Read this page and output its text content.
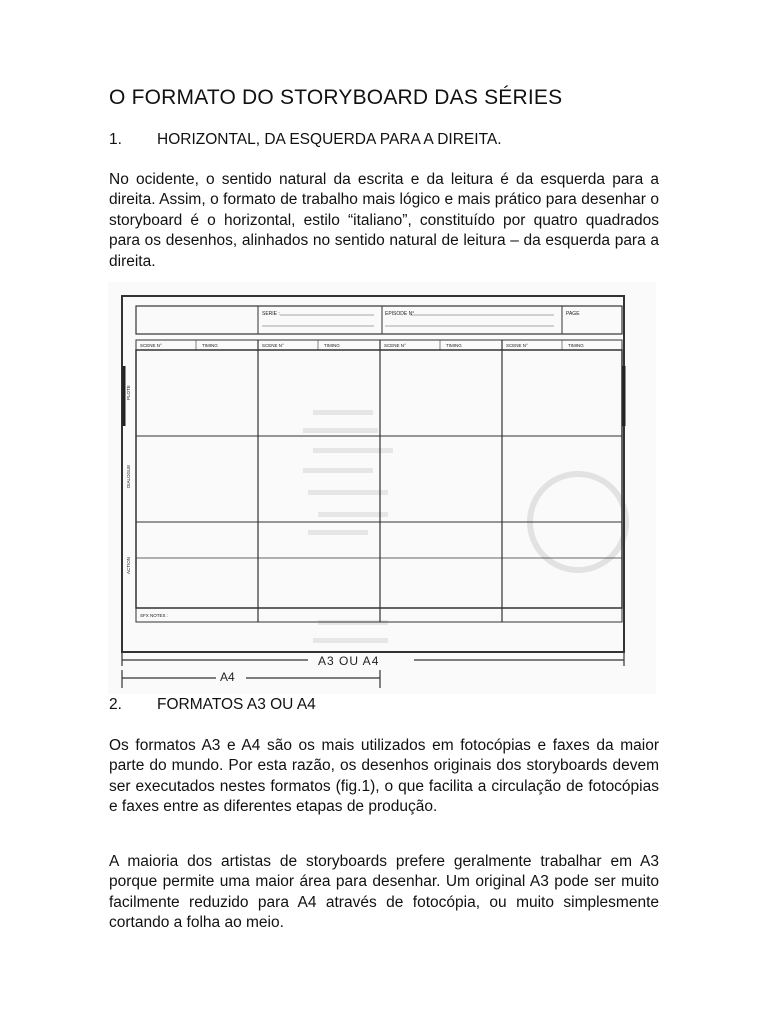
O FORMATO DO STORYBOARD DAS SÉRIES
1. HORIZONTAL, DA ESQUERDA PARA A DIREITA.
No ocidente, o sentido natural da escrita e da leitura é da esquerda para a direita. Assim, o formato de trabalho mais lógico e mais prático para desenhar o storyboard é o horizontal, estilo “italiano”, constituído por quatro quadrados para os desenhos, alinhados no sentido natural de leitura – da esquerda para a direita.
SERIE :	EPISODE N°	PAGE
SFX NOTES :
SCENE N°	TIMING	SCENE N°	TIMING	SCENE N°	TIMING	SCENE N°	TIMING
PLOTE
DIALOGUE
ACTION
A3 OU A4
A4
2. FORMATOS A3 OU A4
Os formatos A3 e A4 são os mais utilizados em fotocópias e faxes da maior parte do mundo. Por esta razão, os desenhos originais dos storyboards devem ser executados nestes formatos (fig.1), o que facilita a circulação de fotocópias e faxes entre as diferentes etapas de produção.
A maioria dos artistas de storyboards prefere geralmente trabalhar em A3 porque permite uma maior área para desenhar. Um original A3 pode ser muito facilmente reduzido para A4 através de fotocópia, ou muito simplesmente cortando a folha ao meio.
